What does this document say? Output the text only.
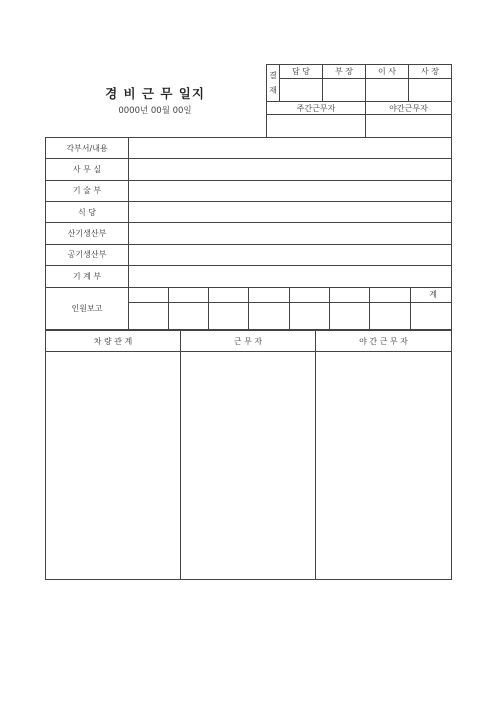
경 비 근 무 일지
0000년 00월 00일
결
재	담 당	부 장	이 사	사 장

주간근무자			야간근무자	

각부서/내용								
사 무 실								
기 술 부								
식 당								
산기생산부								
공기생산부								
기 계 부								
인원보고								계

차 량 관 계	근 무 자	야 간 근 무 자
